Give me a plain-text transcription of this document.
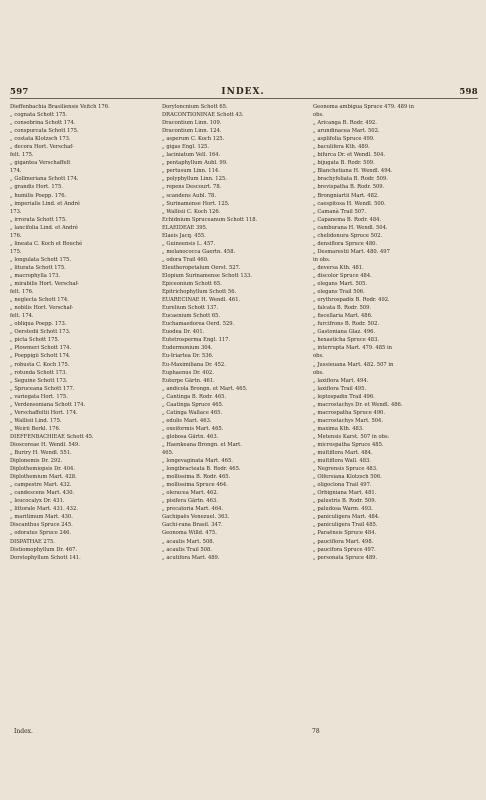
597	INDEX.	598
Dieffenbachia Brasiliensis Veitch 176.
„ cognata Schott 175.
„ consobrina Schott 174.
„ conspurcata Schott 175.
„ costata Klotzsch 173.
„ decora Hort. Verschaf-
felt. 175.
„ gigantea Verschaffelt
174.
„ Gollmeriana Schott 174.
„ grandis Hort. 175.
„ humilis Poepp. 176.
„ imperialis Lind. et André
173.
„ irrorata Schott 175.
„ lancifolia Lind. et André
176.
„ lineata C. Koch et Bouché
175.
„ longulata Schott 175.
„ liturata Schott 175.
„ macrophylla 173.
„ mirabilis Hort. Verschaf-
felt. 176.
„ neglecta Schott 174.
„ nobilis Hort. Verschaf-
felt. 174.
„ obliqua Poepp. 173.
„ Oerstedii Schott 173.
„ picta Schott 175.
„ Plowmeri Schott 174.
„ Poeppigii Schott 174.
„ robusta C. Koch 175.
„ rotunda Schott 173.
„ Seguine Schott 173.
„ Spruceana Schott 177.
„ variegata Hort. 175.
„ Verdensoniana Schott 174.
„ Verschaffeltii Hort. 174.
„ Wallisii Lind. 175.
„ Weirii Berkl. 176.
DIEFFENBACHIEAE Schott 45.
Dioscoreae H. Wendl. 549.
„ Buriry H. Wendl. 551.
Diplonemis Dr. 292.
Diplothemiopsis Dr. 404.
Diplothemium Mart. 428.
„ campestre Mart. 432.
„ candescens Mart. 430.
„ leucocalyx Dr. 431.
„ littorale Mart. 431. 432.
„ maritimum Mart. 430.
Discanthus Spruce 245.
„ odoratus Spruce 246.
DISPATHAE 275.
Distiomophyllum Dr. 467.
Dorstophyllum Schott 141.
Doryloncnium Schott 65.
DRACONTIONINAE Schott 43.
Dracontium Linn. 109.
Dracontium Linn. 124.
„ asperum C. Koch 125.
„ gigas Engl. 125.
„ laciniatum Vell. 164.
„ pentaphyllum Aubl. 99.
„ pertusum Linn. 114.
„ polyphyllum Linn. 125.
„ repens Descourt. 78.
„ scandens Aubl. 78.
„ Surinamense Hort. 125.
„ Wallisii C. Koch 126.
Echidnium Spruceanum Schott 118.
ELAEIDEAE 395.
Elaeis Jacq. 455.
„ Guineensis L. 457.
„ melanococca Gaertn. 458.
„ odora Trail 460.
Eleutheropetalum Oerst. 527.
Elopium Surinamense Schott 133.
Epiceonium Schott 65.
Epitrichophyllum Schott 56.
EUARECINAE H. Wendl. 461.
Eurelium Schott 137.
Eucaenium Schott 65.
Euchamaedorea Oerd. 529.
Euodea Dr. 401.
Eutetrosperma Engl. 117.
Eudermonium 304.
Eu-Iriartea Dr. 536.
Eu-Maximiliana Dr. 452.
Euphaenus Dr. 402.
Euterpe Gärtn. 461.
„ andicola Brongn. et Mart. 465.
„ Cantinga B. Rodr. 465.
„ Caatinga Spruce 465.
„ Catinga Wallace 465.
„ edulis Mart. 463.
„ oxeiformis Mart. 465.
„ globosa Gärtn. 463.
„ Haenkeana Brongn. et Mart.
465.
„ longevaginata Mart. 465.
„ longibracteata B. Rodr. 465.
„ mollissima B. Rodr. 465.
„ mollissima Spruce 464.
„ oleracea Mart. 462.
„ pisifera Gärtn. 463.
„ precatoria Mart. 464.
Gachipaës Venezuel. 363.
Gachi-rana Brasil. 347.
Geonoma Willd. 475.
„ acaulis Mart. 508.
„ acaulis Trail 508.
„ acutifora Mart. 489.
Geonoma ambigua Spruce 479. 489 in
obs.
„ Aricanga B. Rodr. 492.
„ arundinacea Mart. 502.
„ asplifolia Spruce 499.
„ baculifera Kth. 489.
„ bifurca Dr. et Wendl. 504.
„ bijugata B. Rodr. 509.
„ Blanchetiana H. Wendl. 494.
„ brachyfoliata B. Rodr. 509.
„ brevispatha B. Rodr. 509.
„ Brongniartii Mart. 482.
„ caespitosa H. Wendl. 500.
„ Camanà Trail 507.
„ Capanema B. Rodr. 484.
„ camburana H. Wendl. 504.
„ chelidonura Spruce 502.
„ densiflora Spruce 480.
„ Desmarestii Mart. 480. 497
in obs.
„ deversa Kth. 481.
„ discolor Spruce 484.
„ elegans Mart. 505.
„ elegans Trail 506.
„ erythrospadix B. Rodr. 492.
„ falcata B. Rodr. 509.
„ fiscellaria Mart. 486.
„ furcifrons B. Rodr. 502.
„ Gastoniana Glaz. 496.
„ hexasticha Spruce 483.
„ interrupta Mart. 479. 485 in
obs.
„ Jussieuana Mart. 482. 507 in
obs.
„ laxiflora Mart. 494.
„ laxiflora Trail 495.
„ leptospadix Trail 496.
„ macrostachys Dr. et Wendl. 486.
„ macrospatha Spruce 490.
„ macrostachys Mart. 504.
„ maxima Kth. 483.
„ Metensis Karst. 507 in obs.
„ microspatha Spruce 485.
„ multiflora Mart. 484.
„ multiflora Wall. 483.
„ Negrensis Spruce 483.
„ Olfersiana Klotzsch 506.
„ oligoclona Trail 497.
„ Orbigniana Mart. 481.
„ palustris B. Rodr. 509.
„ paludosa Warm. 493.
„ paniculigera Mart. 484.
„ paniculigera Trail 485.
„ Paraënsis Spruce 484.
„ pauciflora Mart. 498.
„ paucifora Spruce 497.
„ personata Spruce 489.
Index.	78
